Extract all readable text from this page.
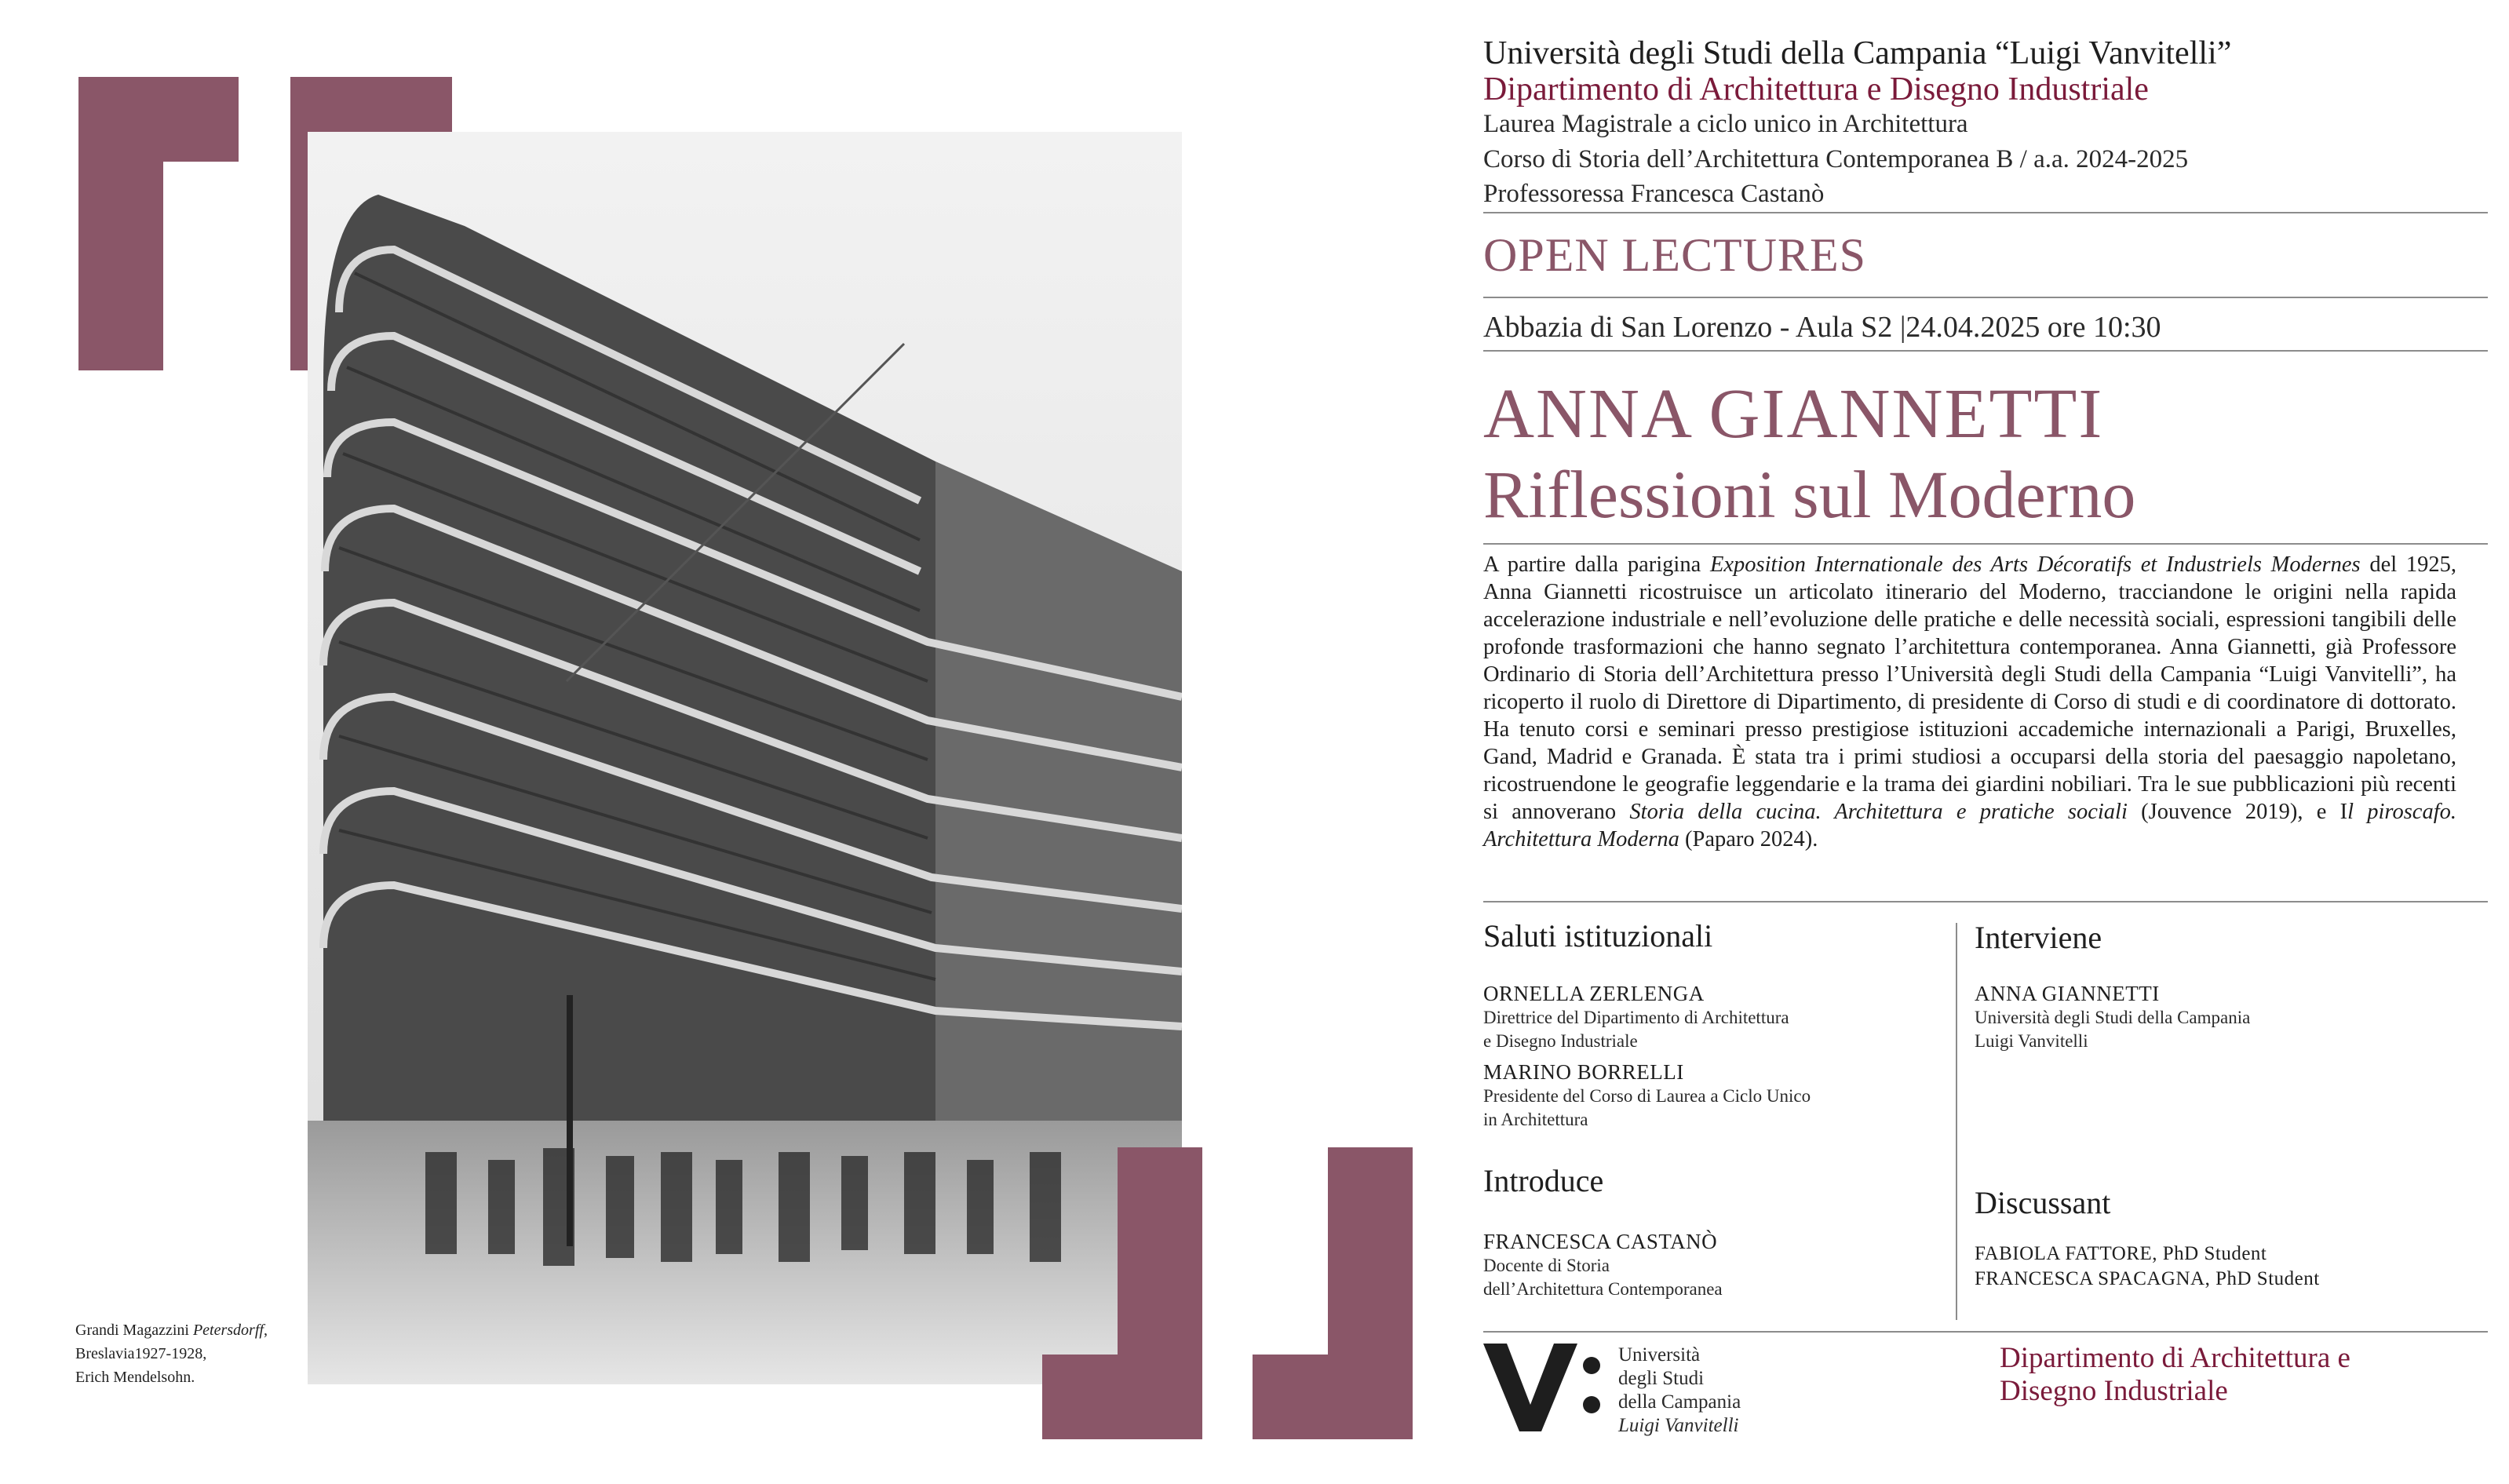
Grandi Magazzini Petersdorff,
Breslavia1927-1928,
Erich Mendelsohn.
Università degli Studi della Campania “Luigi Vanvitelli”
Dipartimento di Architettura e Disegno Industriale
Laurea Magistrale a ciclo unico in Architettura
Corso di Storia dell’Architettura Contemporanea B / a.a. 2024-2025
Professoressa Francesca Castanò
OPEN LECTURES
Abbazia di San Lorenzo - Aula S2 |24.04.2025 ore 10:30
ANNA GIANNETTI
Riflessioni sul Moderno
A partire dalla parigina Exposition Internationale des Arts Décoratifs et Industriels Modernes del 1925, Anna Giannetti ricostruisce un articolato itinerario del Moderno, tracciandone le origini nella rapida accelerazione industriale e nell’evoluzione delle pratiche e delle necessità sociali, espressioni tangibili delle profonde trasformazioni che hanno segnato l’architettura contemporanea. Anna Giannetti, già Professore Ordinario di Storia dell’Architettura presso l’Università degli Studi della Campania “Luigi Vanvitelli”, ha ricoperto il ruolo di Direttore di Dipartimento, di presidente di Corso di studi e di coordinatore di dottorato. Ha tenuto corsi e seminari presso prestigiose istituzioni accademiche internazionali a Parigi, Bruxelles, Gand, Madrid e Granada. È stata tra i primi studiosi a occuparsi della storia del paesaggio napoletano, ricostruendone le geografie leggendarie e la trama dei giardini nobiliari. Tra le sue pubblicazioni più recenti si annoverano Storia della cucina. Architettura e pratiche sociali (Jouvence 2019), e Il piroscafo. Architettura Moderna (Paparo 2024).
Saluti istituzionali
ORNELLA ZERLENGA
Direttrice del Dipartimento di Architettura
e Disegno Industriale
MARINO BORRELLI
Presidente del Corso di Laurea a Ciclo Unico
in Architettura
Introduce
FRANCESCA CASTANÒ
Docente di Storia
dell’Architettura Contemporanea
Interviene
ANNA GIANNETTI
Università degli Studi della Campania
Luigi Vanvitelli
Discussant
FABIOLA FATTORE, PhD Student
FRANCESCA SPACAGNA, PhD Student
Università
degli Studi
della Campania
Luigi Vanvitelli
Dipartimento di Architettura e
Disegno Industriale
